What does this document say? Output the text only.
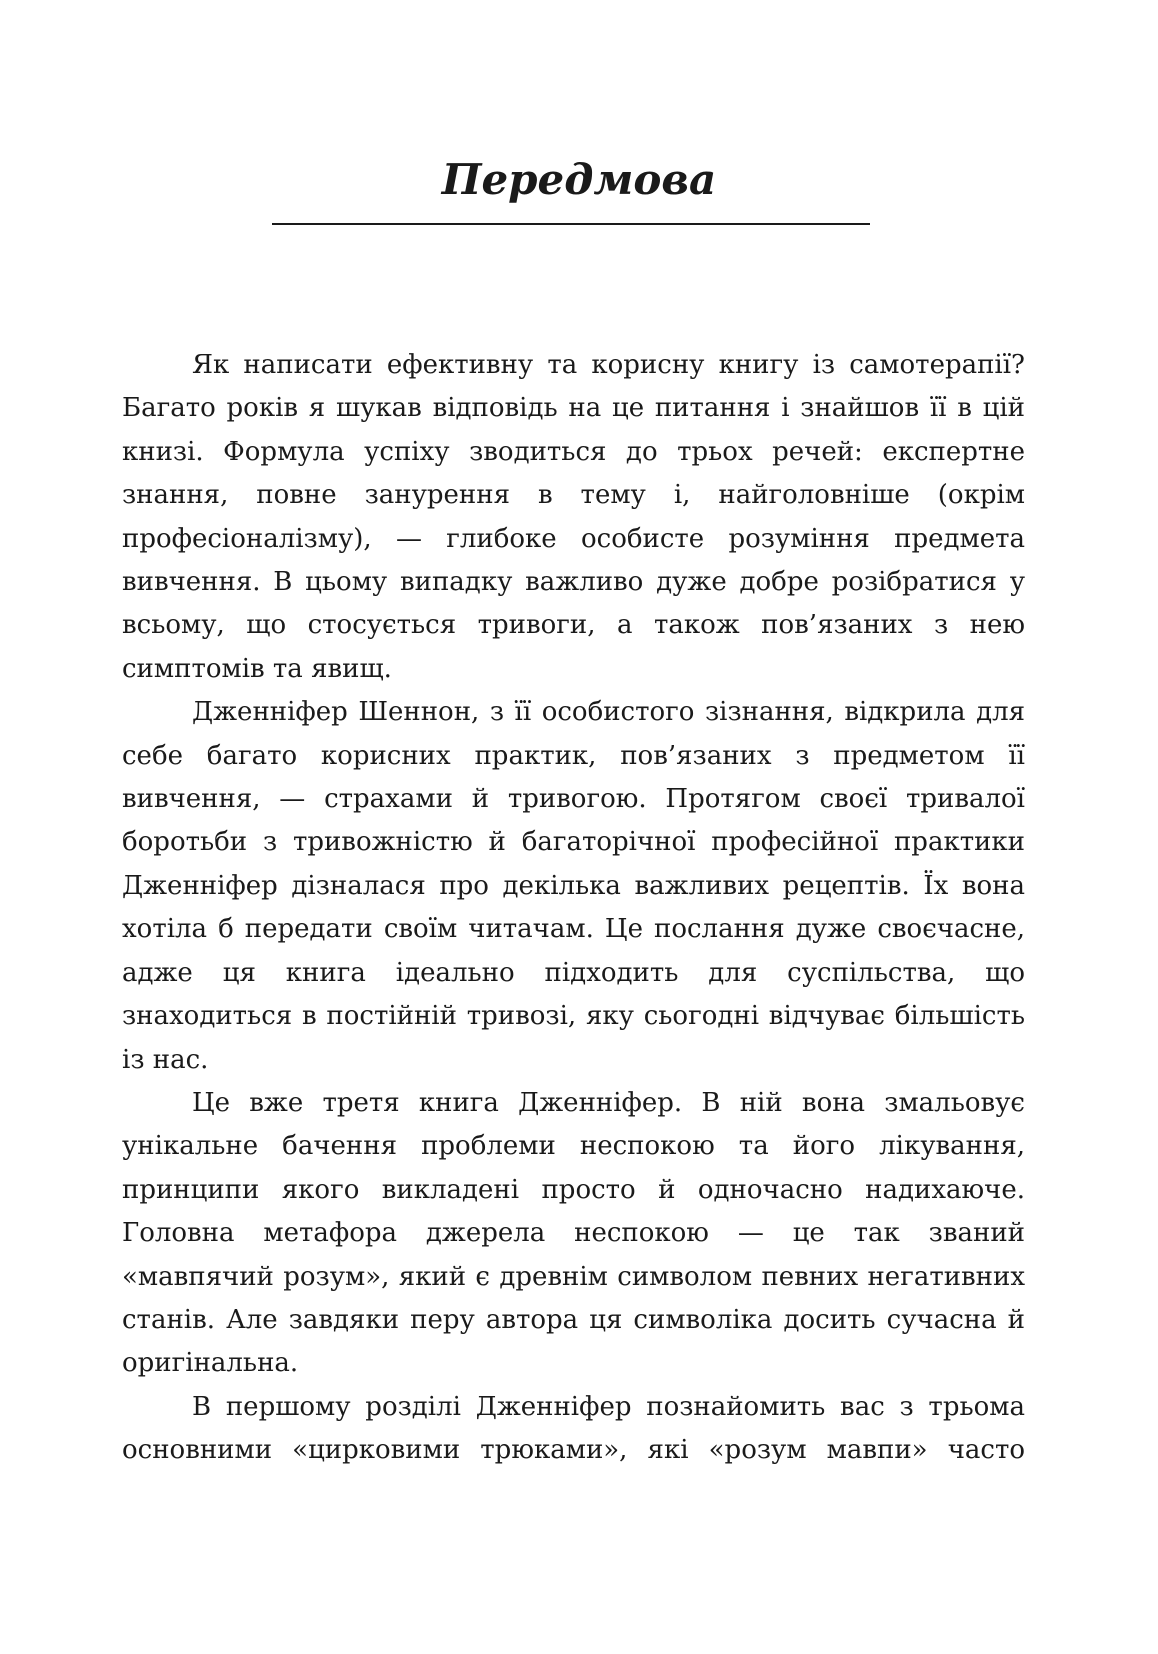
Передмова

Як написати ефективну та корисну книгу із самотерапії? Багато років я шукав відповідь на це питання і знайшов її в цій книзі. Формула успіху зводиться до трьох речей: експертне знання, повне занурення в тему і, найголовніше (окрім професіоналізму), — глибоке особисте розуміння предмета вивчення. В цьому випадку важливо дуже добре розібратися у всьому, що стосується тривоги, а також пов’язаних з нею симптомів та явищ.

Дженніфер Шеннон, з її особистого зізнання, відкрила для себе багато корисних практик, пов’язаних з предметом її вивчення, — страхами й тривогою. Протягом своєї тривалої боротьби з тривожністю й багаторічної професійної практики Дженніфер дізналася про декілька важливих рецептів. Їх вона хотіла б передати своїм читачам. Це послання дуже своєчасне, адже ця книга ідеально підходить для суспільства, що знаходиться в постійній тривозі, яку сьогодні відчуває більшість із нас.

Це вже третя книга Дженніфер. В ній вона змальовує унікальне бачення проблеми неспокою та його лікування, принципи якого викладені просто й одночасно надихаюче. Головна метафора джерела неспокою — це так званий «мавпячий розум», який є древнім символом певних негативних станів. Але завдяки перу автора ця символіка досить сучасна й оригінальна.

В першому розділі Дженніфер познайомить вас з трьома основними «цирковими трюками», які «розум мавпи» часто
